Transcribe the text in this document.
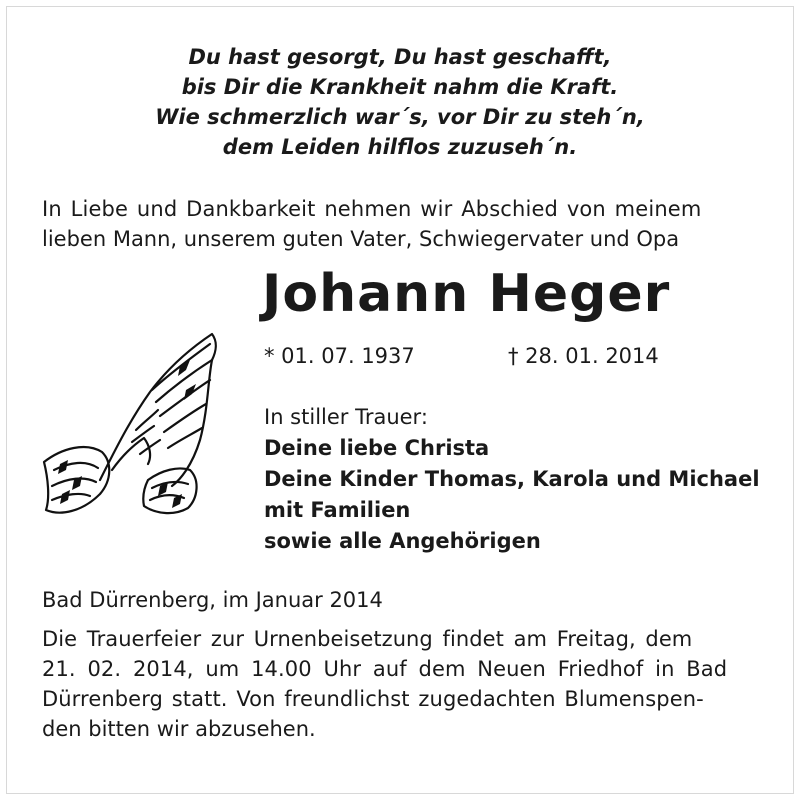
Du hast gesorgt, Du hast geschafft,
bis Dir die Krankheit nahm die Kraft.
Wie schmerzlich war´s, vor Dir zu steh´n,
dem Leiden hilflos zuzuseh´n.
In Liebe und Dankbarkeit nehmen wir Abschied von meinem
lieben Mann, unserem guten Vater, Schwiegervater und Opa
Johann Heger
* 01. 07. 1937	† 28. 01. 2014
In stiller Trauer:
Deine liebe Christa
Deine Kinder Thomas, Karola und Michael
mit Familien
sowie alle Angehörigen
Bad Dürrenberg, im Januar 2014
Die Trauerfeier zur Urnenbeisetzung findet am Freitag, dem
21. 02. 2014, um 14.00 Uhr auf dem Neuen Friedhof in Bad
Dürrenberg statt. Von freundlichst zugedachten Blumenspen-
den bitten wir abzusehen.
